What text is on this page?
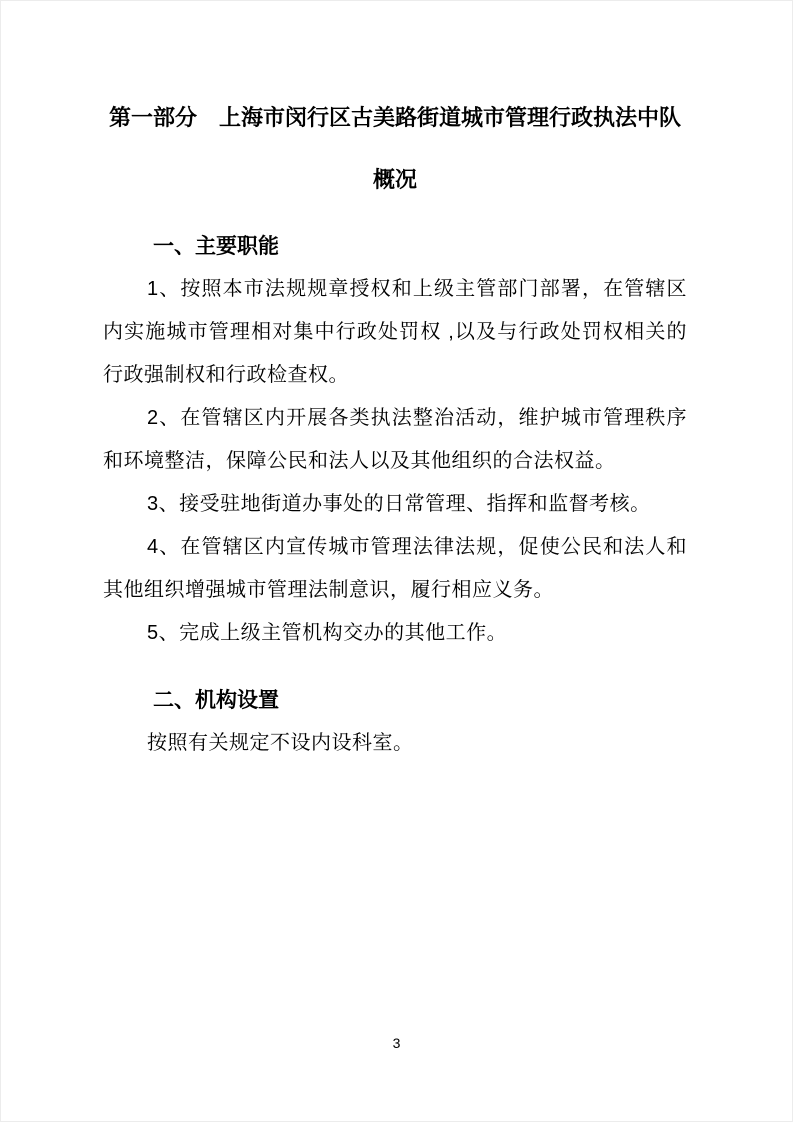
第一部分　上海市闵行区古美路街道城市管理行政执法中队
概况
一、主要职能

1、按照本市法规规章授权和上级主管部门部署，在管辖区内实施城市管理相对集中行政处罚权 ,以及与行政处罚权相关的行政强制权和行政检查权。

2、在管辖区内开展各类执法整治活动，维护城市管理秩序和环境整洁，保障公民和法人以及其他组织的合法权益。

3、接受驻地街道办事处的日常管理、指挥和监督考核。

4、在管辖区内宣传城市管理法律法规，促使公民和法人和其他组织增强城市管理法制意识，履行相应义务。

5、完成上级主管机构交办的其他工作。

二、机构设置

按照有关规定不设内设科室。

3
